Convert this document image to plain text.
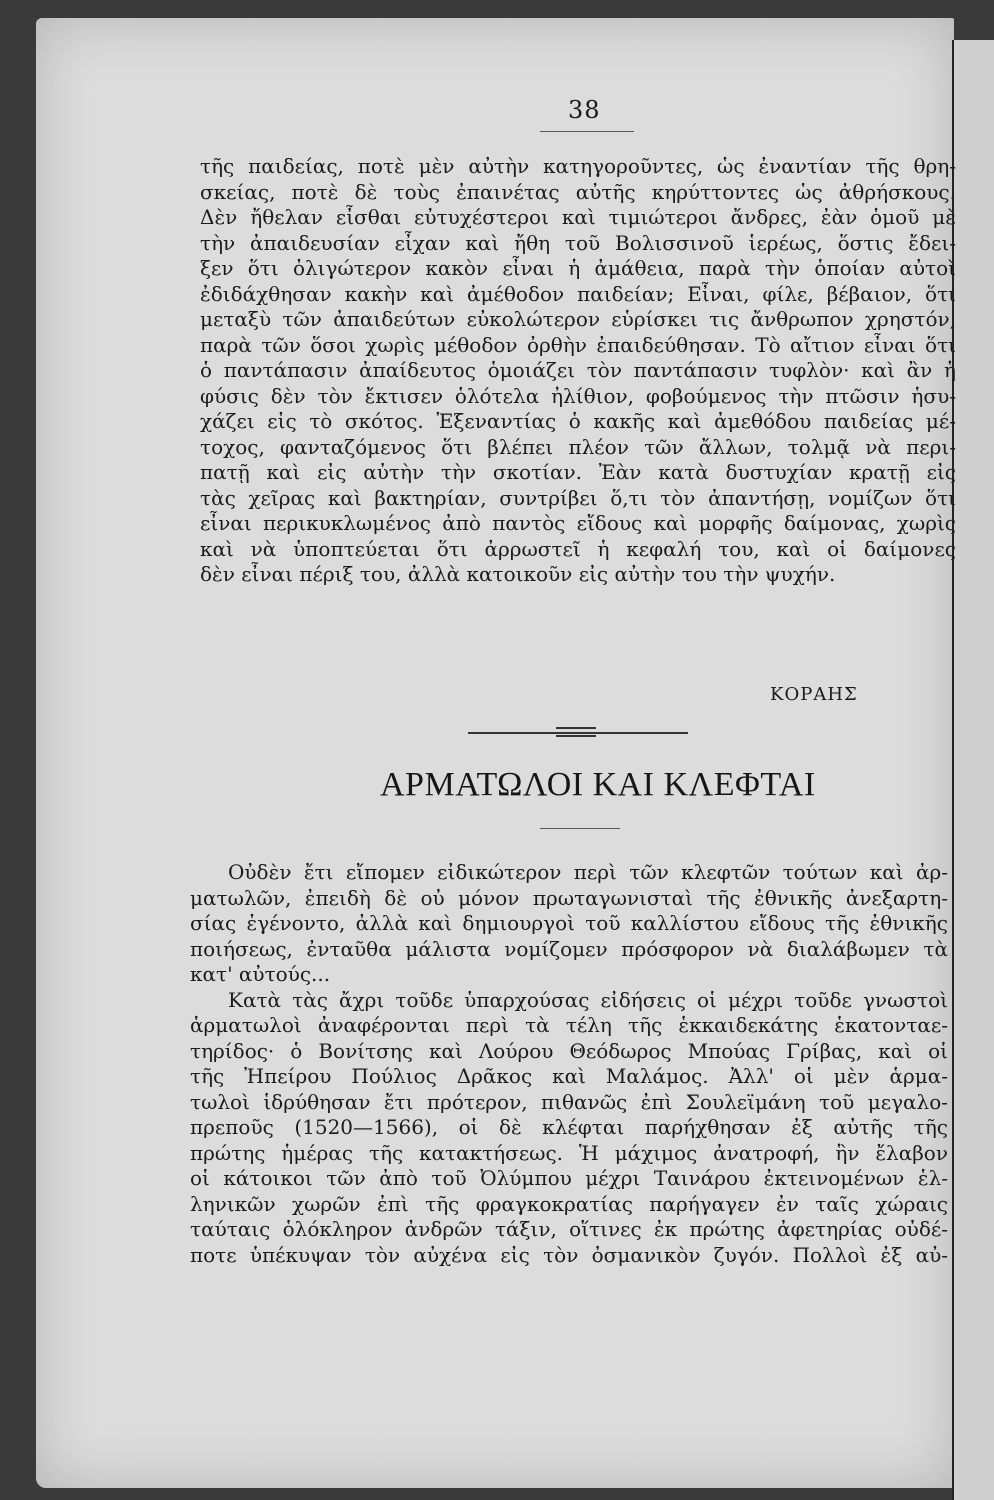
38
τῆς παιδείας, ποτὲ μὲν αὐτὴν κατηγοροῦντες, ὡς ἐναντίαν τῆς θρη-
σκείας, ποτὲ δὲ τοὺς ἐπαινέτας αὐτῆς κηρύττοντες ὡς ἀθρήσκους.
Δὲν ἤθελαν εἶσθαι εὐτυχέστεροι καὶ τιμιώτεροι ἄνδρες, ἐὰν ὁμοῦ μὲ
τὴν ἀπαιδευσίαν εἶχαν καὶ ἤθη τοῦ Βολισσινοῦ ἱερέως, ὅστις ἔδει-
ξεν ὅτι ὀλιγώτερον κακὸν εἶναι ἡ ἀμάθεια, παρὰ τὴν ὁποίαν αὐτοὶ
ἐδιδάχθησαν κακὴν καὶ ἀμέθοδον παιδείαν; Εἶναι, φίλε, βέβαιον, ὅτι
μεταξὺ τῶν ἀπαιδεύτων εὐκολώτερον εὑρίσκει τις ἄνθρωπον χρηστόν,
παρὰ τῶν ὅσοι χωρὶς μέθοδον ὀρθὴν ἐπαιδεύθησαν. Τὸ αἴτιον εἶναι ὅτι
ὁ παντάπασιν ἀπαίδευτος ὁμοιάζει τὸν παντάπασιν τυφλὸν· καὶ ἂν ἡ
φύσις δὲν τὸν ἔκτισεν ὁλότελα ἠλίθιον, φοβούμενος τὴν πτῶσιν ἡσυ-
χάζει εἰς τὸ σκότος. Ἐξεναντίας ὁ κακῆς καὶ ἀμεθόδου παιδείας μέ-
τοχος, φανταζόμενος ὅτι βλέπει πλέον τῶν ἄλλων, τολμᾷ νὰ περι-
πατῇ καὶ εἰς αὐτὴν τὴν σκοτίαν. Ἐὰν κατὰ δυστυχίαν κρατῇ εἰς
τὰς χεῖρας καὶ βακτηρίαν, συντρίβει ὅ,τι τὸν ἀπαντήσῃ, νομίζων ὅτι
εἶναι περικυκλωμένος ἀπὸ παντὸς εἴδους καὶ μορφῆς δαίμονας, χωρὶς
καὶ νὰ ὑποπτεύεται ὅτι ἀρρωστεῖ ἡ κεφαλή του, καὶ οἱ δαίμονες
δὲν εἶναι πέριξ του, ἀλλὰ κατοικοῦν εἰς αὐτὴν του τὴν ψυχήν.
ΚΟΡΑΗΣ
ΑΡΜΑΤΩΛΟΙ ΚΑΙ ΚΛΕΦΤΑΙ
Οὐδὲν ἔτι εἴπομεν εἰδικώτερον περὶ τῶν κλεφτῶν τούτων καὶ ἀρ-
ματωλῶν, ἐπειδὴ δὲ οὐ μόνον πρωταγωνισταὶ τῆς ἐθνικῆς ἀνεξαρτη-
σίας ἐγένοντο, ἀλλὰ καὶ δημιουργοὶ τοῦ καλλίστου εἴδους τῆς ἐθνικῆς
ποιήσεως, ἐνταῦθα μάλιστα νομίζομεν πρόσφορον νὰ διαλάβωμεν τὰ
κατ' αὐτούς...
Κατὰ τὰς ἄχρι τοῦδε ὑπαρχούσας εἰδήσεις οἱ μέχρι τοῦδε γνωστοὶ
ἁρματωλοὶ ἀναφέρονται περὶ τὰ τέλη τῆς ἑκκαιδεκάτης ἑκατονταε-
τηρίδος· ὁ Βονίτσης καὶ Λούρου Θεόδωρος Μπούας Γρίβας, καὶ οἱ
τῆς Ἠπείρου Πούλιος Δρᾶκος καὶ Μαλάμος. Ἀλλ' οἱ μὲν ἁρμα-
τωλοὶ ἱδρύθησαν ἔτι πρότερον, πιθανῶς ἐπὶ Σουλεϊμάνη τοῦ μεγαλο-
πρεποῦς (1520—1566), οἱ δὲ κλέφται παρήχθησαν ἐξ αὐτῆς τῆς
πρώτης ἡμέρας τῆς κατακτήσεως. Ἡ μάχιμος ἀνατροφή, ἣν ἔλαβον
οἱ κάτοικοι τῶν ἀπὸ τοῦ Ὀλύμπου μέχρι Ταινάρου ἐκτεινομένων ἑλ-
ληνικῶν χωρῶν ἐπὶ τῆς φραγκοκρατίας παρήγαγεν ἐν ταῖς χώραις
ταύταις ὁλόκληρον ἀνδρῶν τάξιν, οἵτινες ἐκ πρώτης ἀφετηρίας οὐδέ-
ποτε ὑπέκυψαν τὸν αὐχένα εἰς τὸν ὀσμανικὸν ζυγόν. Πολλοὶ ἐξ αὐ-
